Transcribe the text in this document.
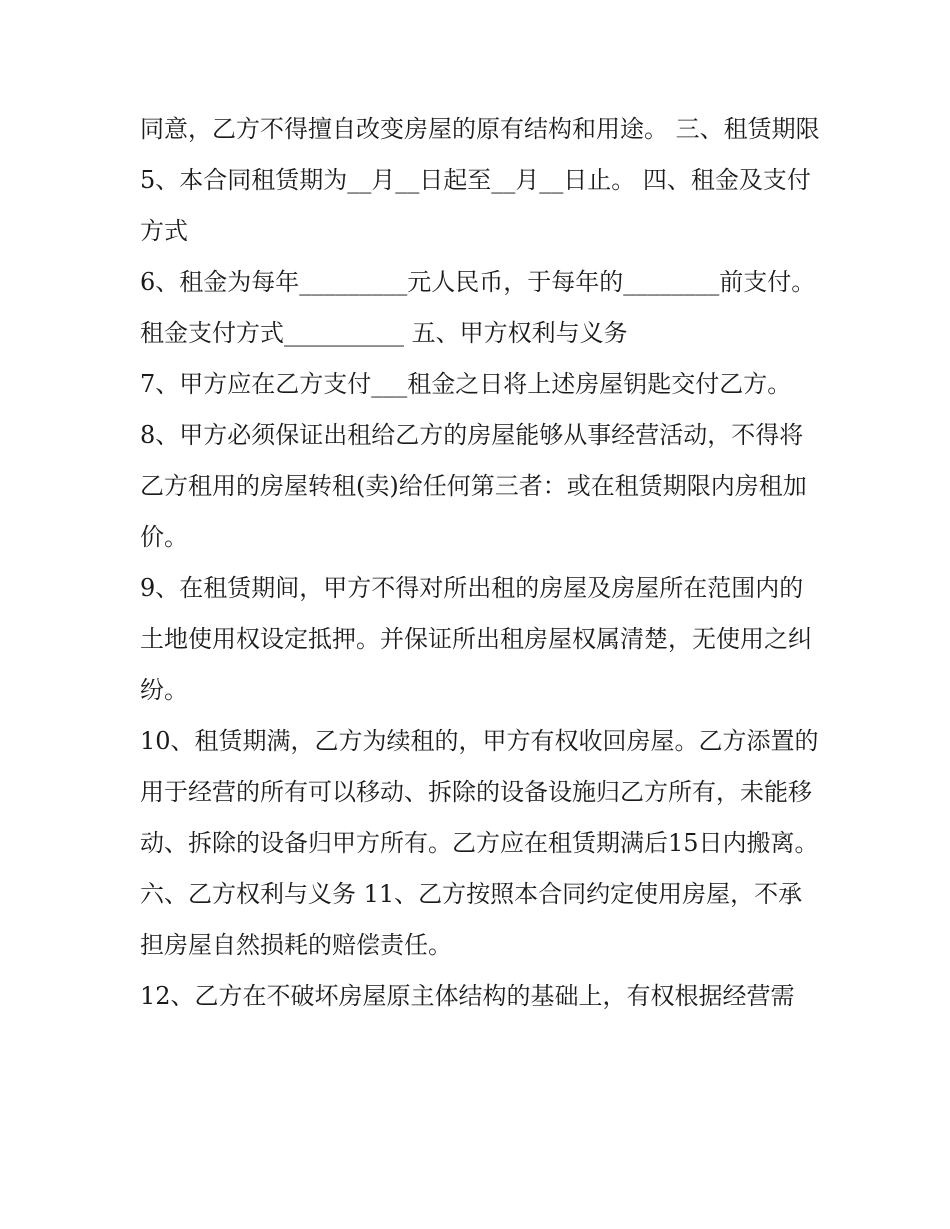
同意，乙方不得擅自改变房屋的原有结构和用途。 三、租赁期限

5、本合同租赁期为__月__日起至__月__日止。 四、租金及支付方式

6、租金为每年_________元人民币，于每年的________前支付。租金支付方式__________ 五、甲方权利与义务

7、甲方应在乙方支付___租金之日将上述房屋钥匙交付乙方。

8、甲方必须保证出租给乙方的房屋能够从事经营活动，不得将乙方租用的房屋转租(卖)给任何第三者：或在租赁期限内房租加价。

9、在租赁期间，甲方不得对所出租的房屋及房屋所在范围内的土地使用权设定抵押。并保证所出租房屋权属清楚，无使用之纠纷。

10、租赁期满，乙方为续租的，甲方有权收回房屋。乙方添置的用于经营的所有可以移动、拆除的设备设施归乙方所有，未能移动、拆除的设备归甲方所有。乙方应在租赁期满后15日内搬离。

六、乙方权利与义务 11、乙方按照本合同约定使用房屋，不承担房屋自然损耗的赔偿责任。

12、乙方在不破坏房屋原主体结构的基础上，有权根据经营需
